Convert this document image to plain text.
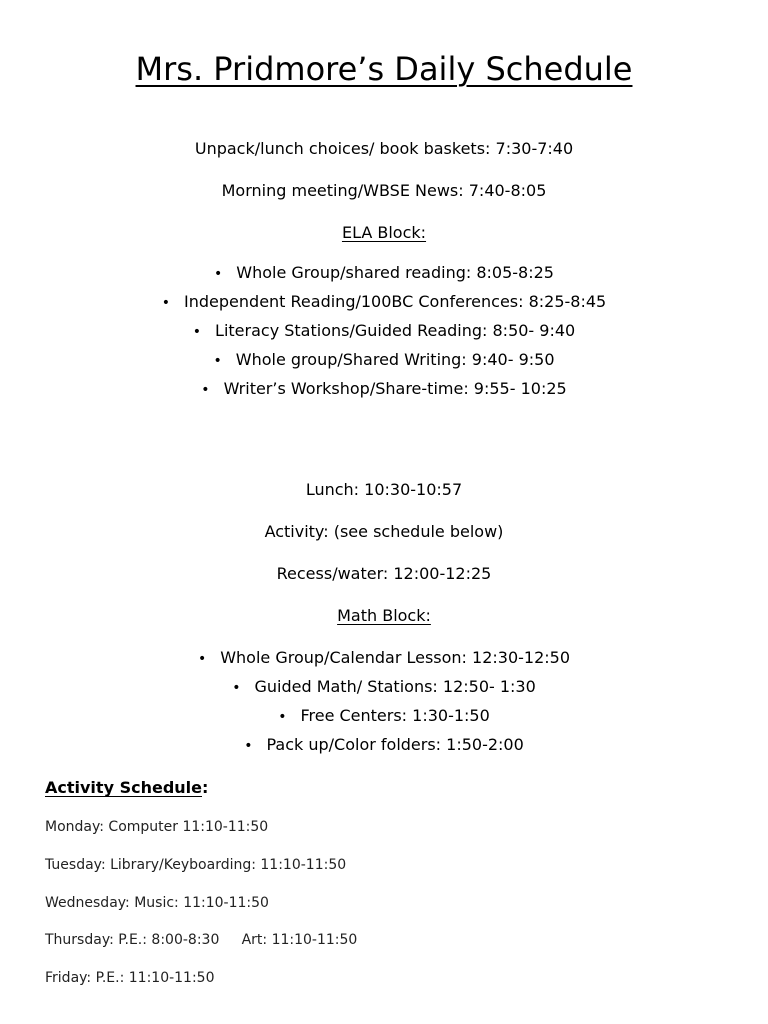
Mrs. Pridmore’s Daily Schedule

Unpack/lunch choices/ book baskets: 7:30-7:40

Morning meeting/WBSE News: 7:40-8:05

ELA Block:

• Whole Group/shared reading: 8:05-8:25

• Independent Reading/100BC Conferences: 8:25-8:45

• Literacy Stations/Guided Reading: 8:50- 9:40

• Whole group/Shared Writing: 9:40- 9:50

• Writer’s Workshop/Share-time: 9:55- 10:25

Lunch: 10:30-10:57

Activity: (see schedule below)

Recess/water: 12:00-12:25

Math Block:

• Whole Group/Calendar Lesson: 12:30-12:50

• Guided Math/ Stations: 12:50- 1:30

• Free Centers: 1:30-1:50

• Pack up/Color folders: 1:50-2:00

Activity Schedule:

Monday: Computer 11:10-11:50

Tuesday: Library/Keyboarding: 11:10-11:50

Wednesday: Music: 11:10-11:50

Thursday: P.E.: 8:00-8:30     Art: 11:10-11:50

Friday: P.E.: 11:10-11:50
